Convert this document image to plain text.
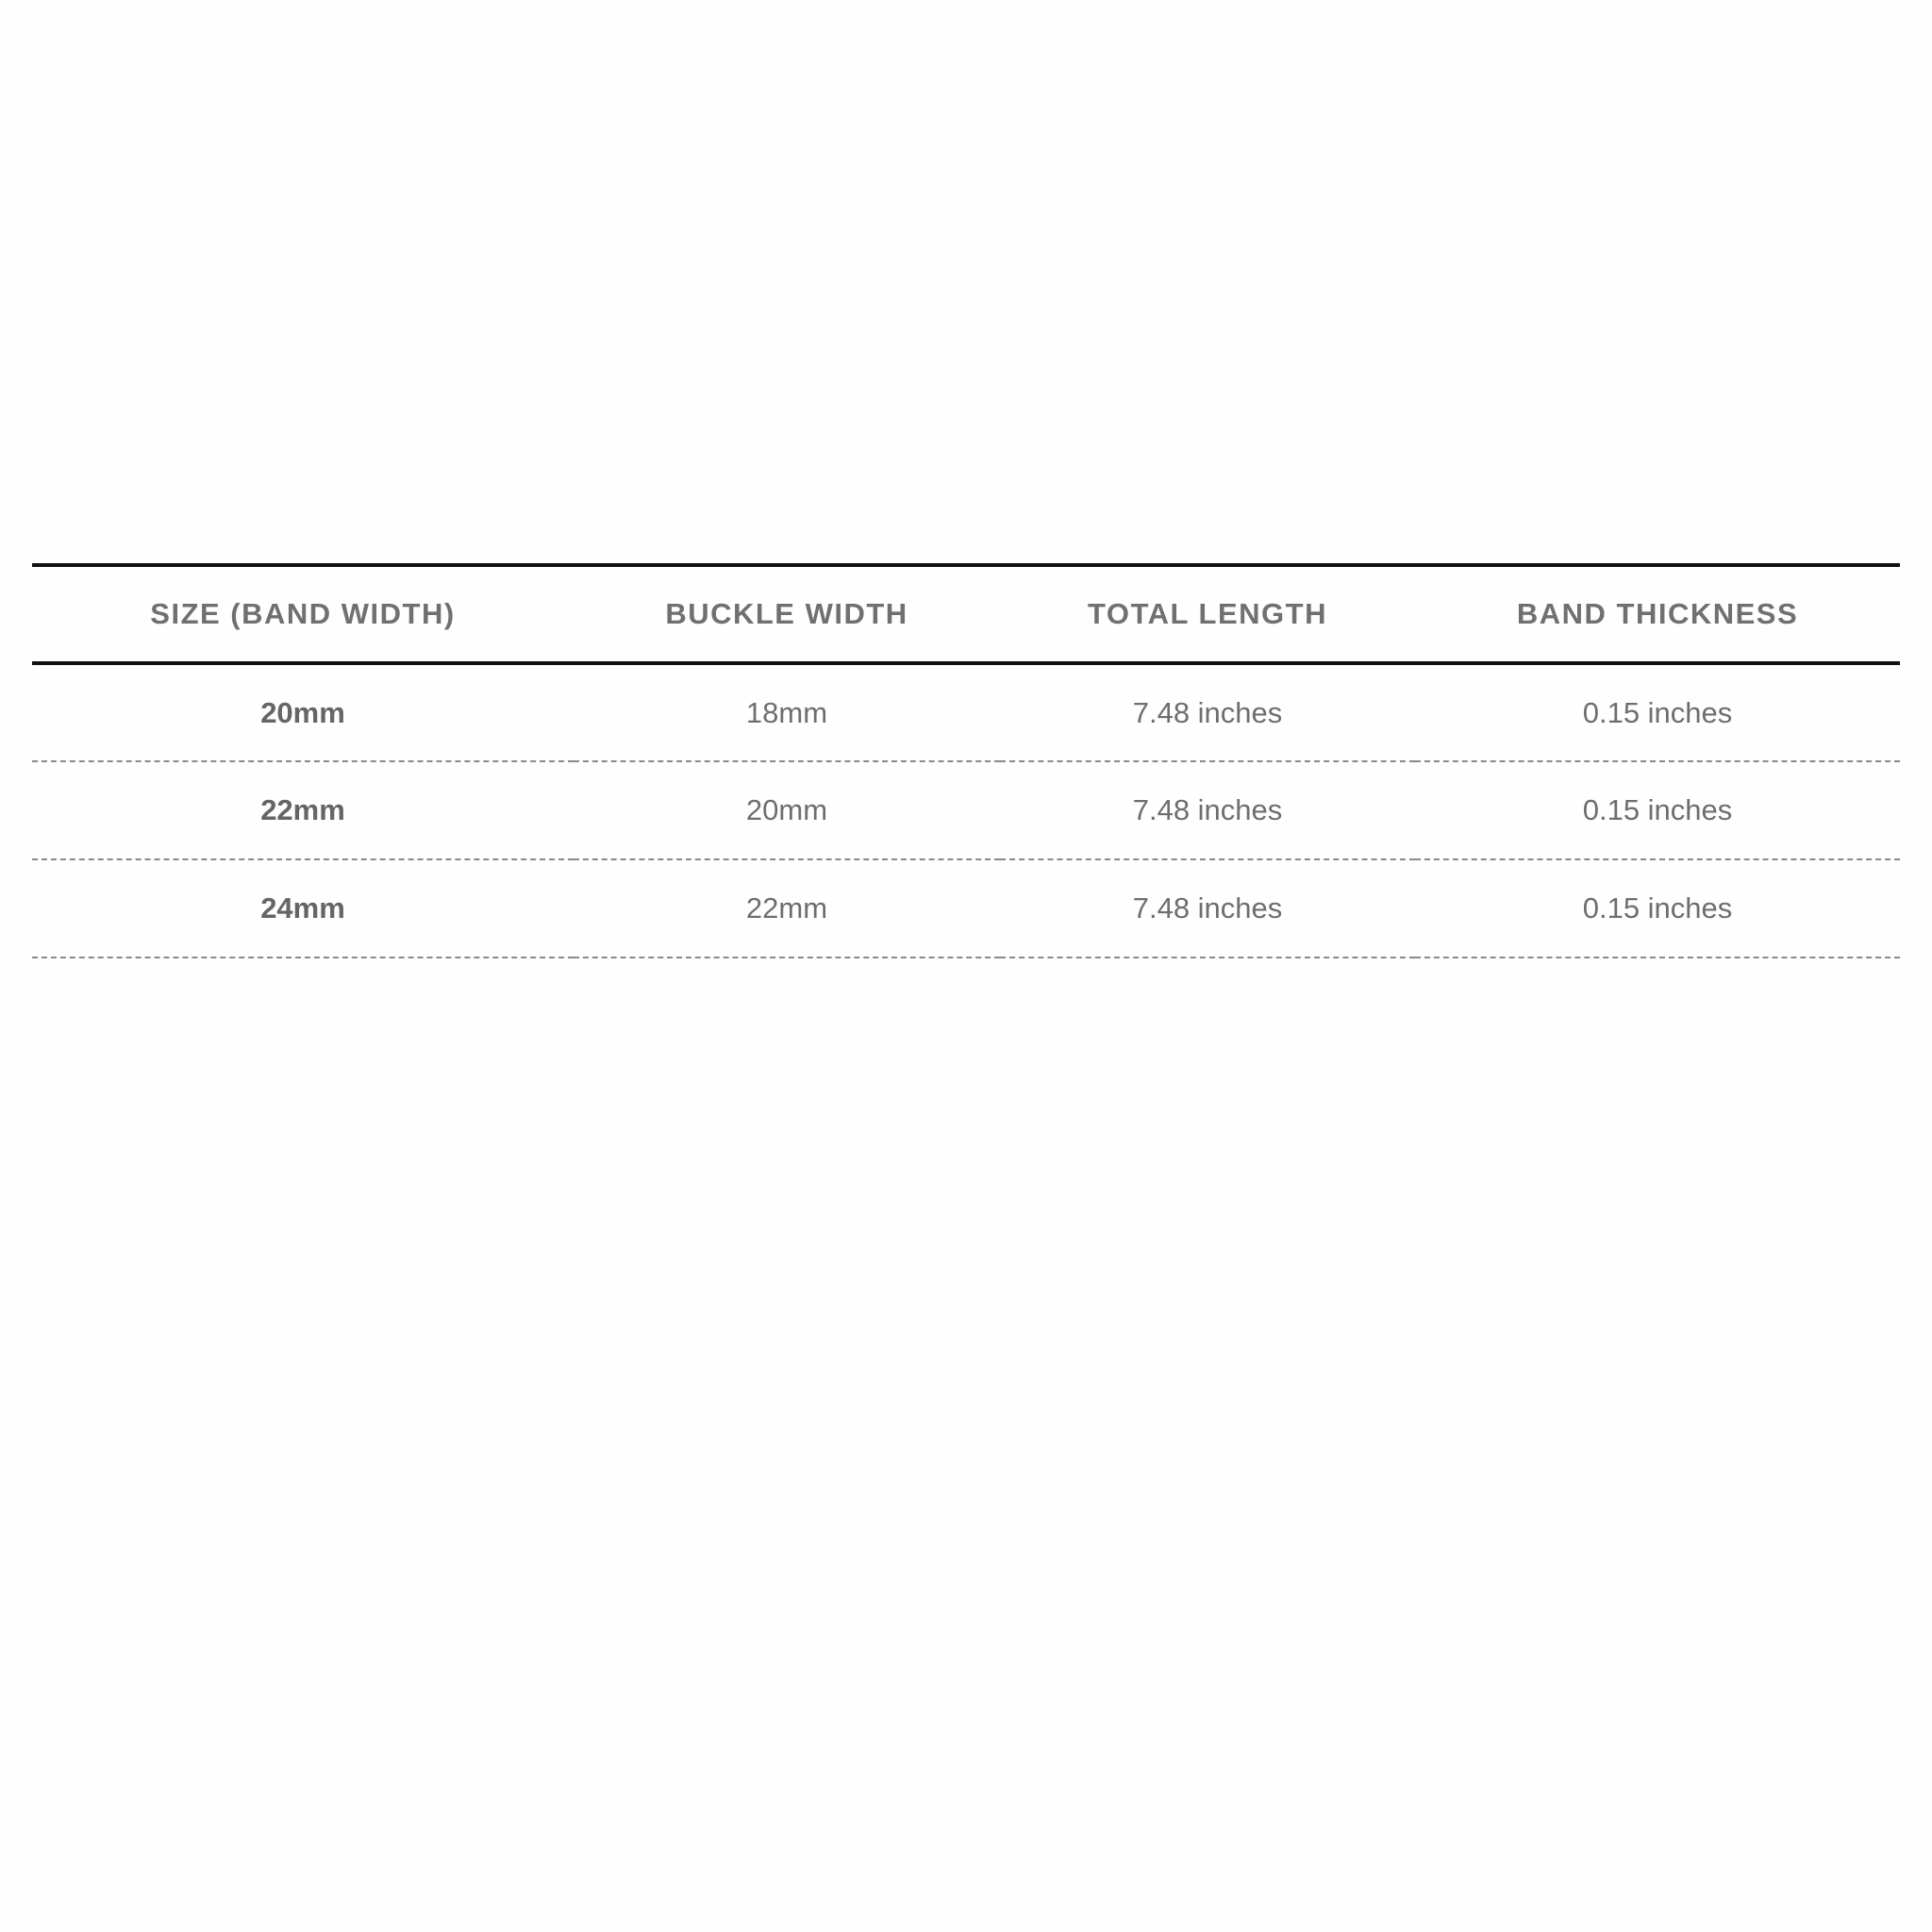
SIZE (BAND WIDTH)	BUCKLE WIDTH	TOTAL LENGTH	BAND THICKNESS
20mm	18mm	7.48 inches	0.15 inches
22mm	20mm	7.48 inches	0.15 inches
24mm	22mm	7.48 inches	0.15 inches
